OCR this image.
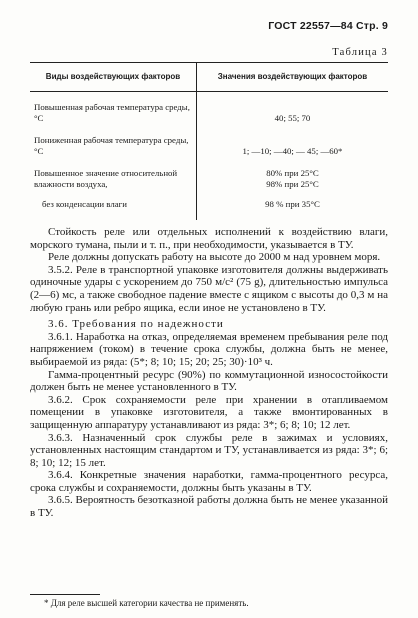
ГОСТ 22557—84 Стр. 9
Таблица 3
Виды воздействующих факторов	Значения воздействующих факторов

Повышенная рабочая температура среды, °С	40; 55; 70

Пониженная рабочая температура среды, °С	1; —10; —40; — 45; —60*

Повышенное значение относительной влажности воздуха,	80% при 25°С
98% при 25°С

без конденсации влаги	98 % при 35°С

Стойкость реле или отдельных исполнений к воздействию влаги, морского тумана, пыли и т. п., при необходимости, указывается в ТУ.

Реле должны допускать работу на высоте до 2000 м над уровнем моря.

3.5.2. Реле в транспортной упаковке изготовителя должны выдерживать одиночные удары с ускорением до 750 м/с² (75 g), длительностью импульса (2—6) мс, а также свободное падение вместе с ящиком с высоты до 0,3 м на любую грань или ребро ящика, если иное не установлено в ТУ.

3.6. Требования по надежности

3.6.1. Наработка на отказ, определяемая временем пребывания реле под напряжением (током) в течение срока службы, должна быть не менее, выбираемой из ряда: (5*; 8; 10; 15; 20; 25; 30)·10³ ч.

Гамма-процентный ресурс (90%) по коммутационной износостойкости должен быть не менее установленного в ТУ.

3.6.2. Срок сохраняемости реле при хранении в отапливаемом помещении в упаковке изготовителя, а также вмонтированных в защищенную аппаратуру устанавливают из ряда: 3*; 6; 8; 10; 12 лет.

3.6.3. Назначенный срок службы реле в зажимах и условиях, установленных настоящим стандартом и ТУ, устанавливается из ряда: 3*; 6; 8; 10; 12; 15 лет.

3.6.4. Конкретные значения наработки, гамма-процентного ресурса, срока службы и сохраняемости, должны быть указаны в ТУ.

3.6.5. Вероятность безотказной работы должна быть не менее указанной в ТУ.

* Для реле высшей категории качества не применять.
